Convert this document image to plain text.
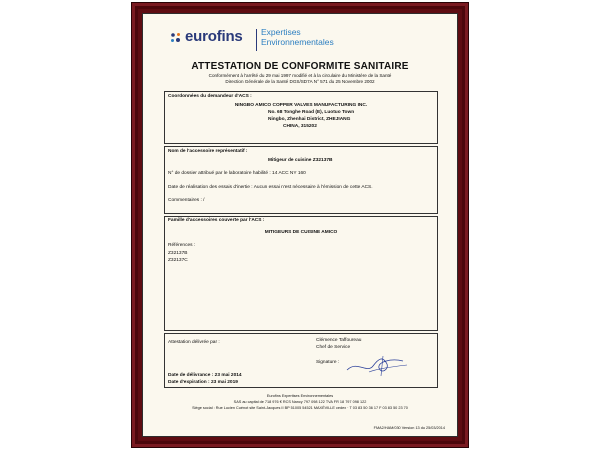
eurofins Expertises
Environnementales
ATTESTATION DE CONFORMITE SANITAIRE
Conformément à l'arrêté du 29 mai 1997 modifié et à la circulaire du Ministère de la Santé
Direction Générale de la Santé DGS/SD7A N° 571 du 25 Novembre 2002
Coordonnées du demandeur d'ACS :
NINGBO AMICO COPPER VALVES MANUFACTURING INC.
No. 68 Tonghe Road (E), Luotuo Town
Ningbo, Zhenhai District, ZHEJIANG
CHINA, 315202
Nom de l'accessoire représentatif :
Mitigeur de cuisine Z32137B
N° de dossier attribué par le laboratoire habilité : 14 ACC NY 160
Date de réalisation des essais d'inertie : Aucun essai n'est nécessaire à l'émission de cette ACS.
Commentaires : /
Famille d'accessoires couverte par l'ACS :
MITIGEURS DE CUISINE AMICO
Références :
Z32137B
Z32137C
Attestation délivrée par :	Clémence Taffoureau
Chef de Service
Signature :
Date de délivrance : 23 mai 2014
Date d'expiration : 23 mai 2019
Eurofins Expertises Environnementales
SAS au capital de 718 976 € RCS Nancy 797 098 122 TVA FR 18 797 098 122
Siège social : Rue Lucien Cuénot site Saint-Jacques II BP 51005 54521 MAXÉVILLE cedex · T 03 83 50 36 17 F 03 83 50 23 70
FMA2/HAM/030 Version 13 du 25/03/2014
